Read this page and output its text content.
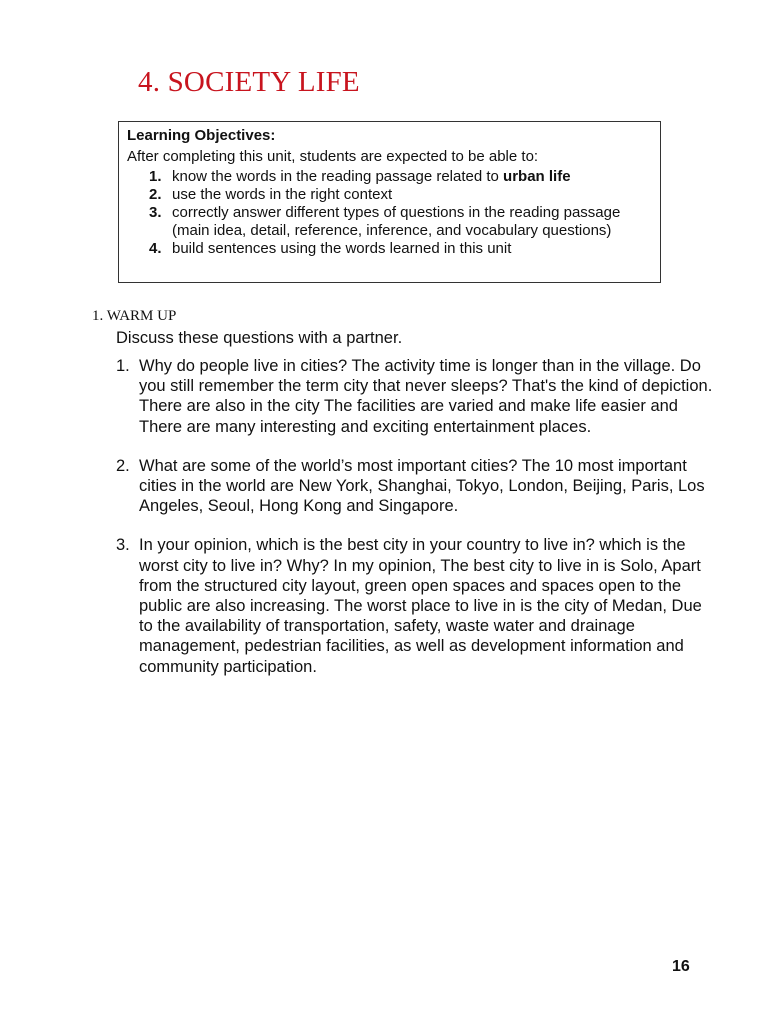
4. SOCIETY LIFE
Learning Objectives:
After completing this unit, students are expected to be able to:
1. know the words in the reading passage related to urban life
2. use the words in the right context
3. correctly answer different types of questions in the reading passage (main idea, detail, reference, inference, and vocabulary questions)
4. build sentences using the words learned in this unit
1. WARM UP
Discuss these questions with a partner.
1. Why do people live in cities? The activity time is longer than in the village. Do you still remember the term city that never sleeps? That's the kind of depiction. There are also in the city The facilities are varied and make life easier and There are many interesting and exciting entertainment places.
2. What are some of the world’s most important cities? The 10 most important cities in the world are New York, Shanghai, Tokyo, London, Beijing, Paris, Los Angeles, Seoul, Hong Kong and Singapore.
3. In your opinion, which is the best city in your country to live in? which is the worst city to live in? Why? In my opinion, The best city to live in is Solo, Apart from the structured city layout, green open spaces and spaces open to the public are also increasing. The worst place to live in is the city of Medan, Due to the availability of transportation, safety, waste water and drainage management, pedestrian facilities, as well as development information and community participation.
16
